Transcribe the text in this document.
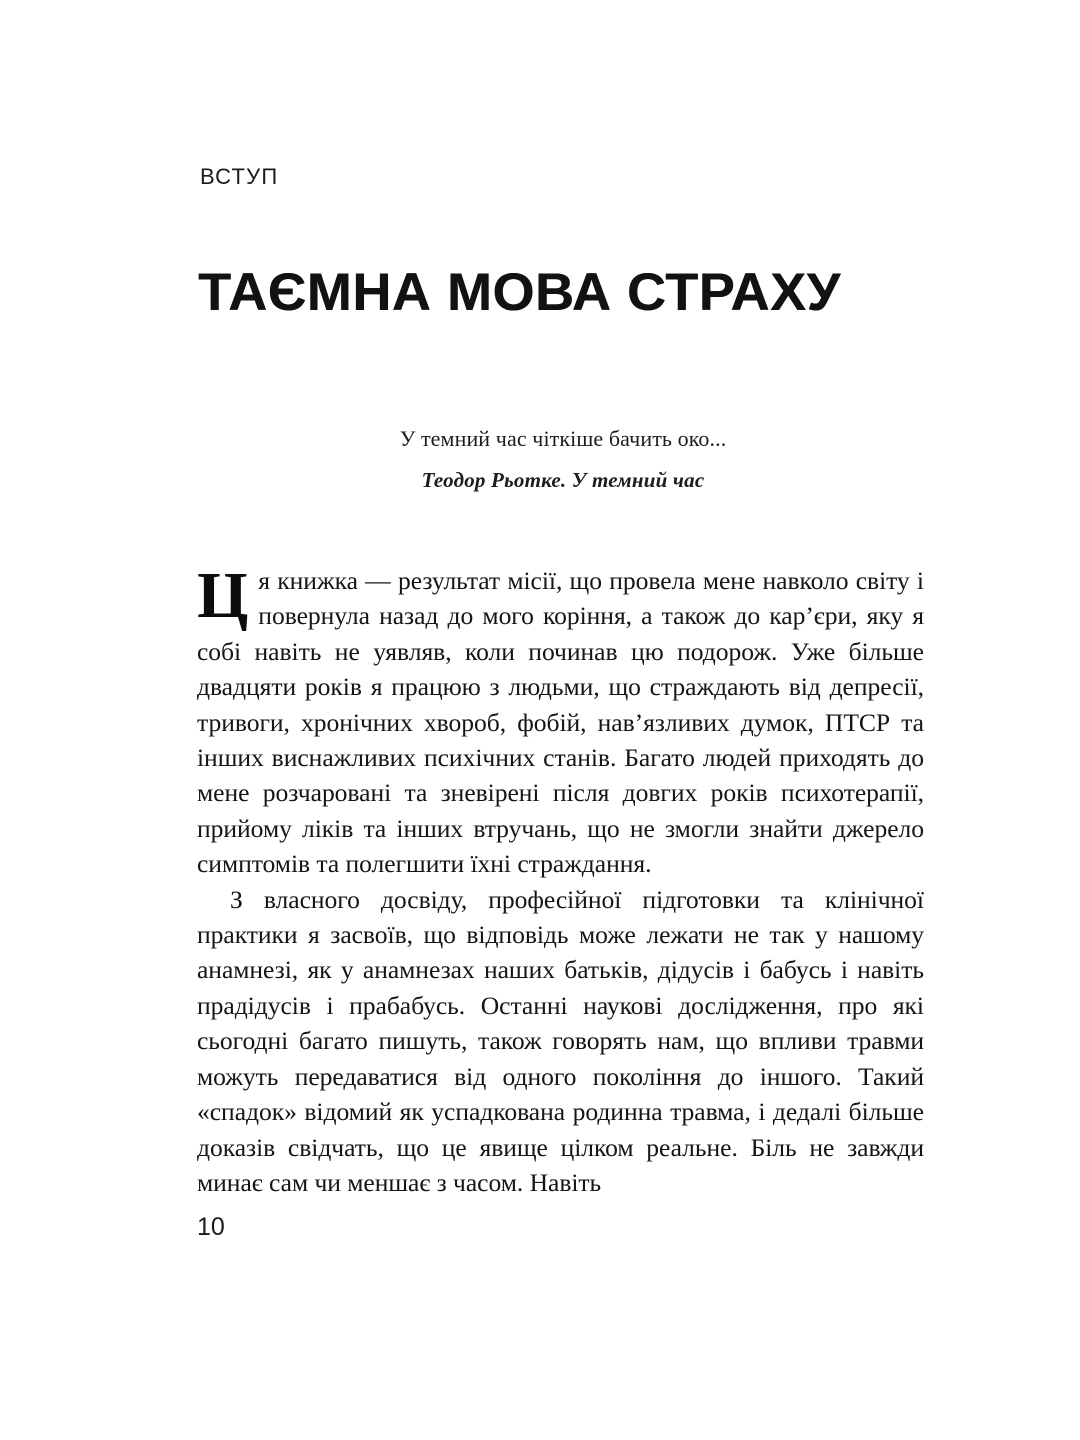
ВСТУП
ТАЄМНА МОВА СТРАХУ
У темний час чіткіше бачить око...
Теодор Рьотке. У темний час

Ця книжка — результат місії, що провела мене навколо світу і повернула назад до мого коріння, а також до кар’єри, яку я собі навіть не уявляв, коли починав цю подорож. Уже більше двадцяти років я працюю з людьми, що страждають від депресії, тривоги, хронічних хвороб, фобій, нав’язливих думок, ПТСР та інших виснажливих психічних станів. Багато людей приходять до мене розчаровані та зневірені після довгих років психотерапії, прийому ліків та інших втручань, що не змогли знайти джерело симптомів та полегшити їхні страждання.

З власного досвіду, професійної підготовки та клінічної практики я засвоїв, що відповідь може лежати не так у нашому анамнезі, як у анамнезах наших батьків, дідусів і бабусь і навіть прадідусів і прабабусь. Останні наукові дослідження, про які сьогодні багато пишуть, також говорять нам, що впливи травми можуть передаватися від одного покоління до іншого. Такий «спадок» відомий як успадкована родинна травма, і дедалі більше доказів свідчать, що це явище цілком реальне. Біль не завжди минає сам чи меншає з часом. Навіть

10
